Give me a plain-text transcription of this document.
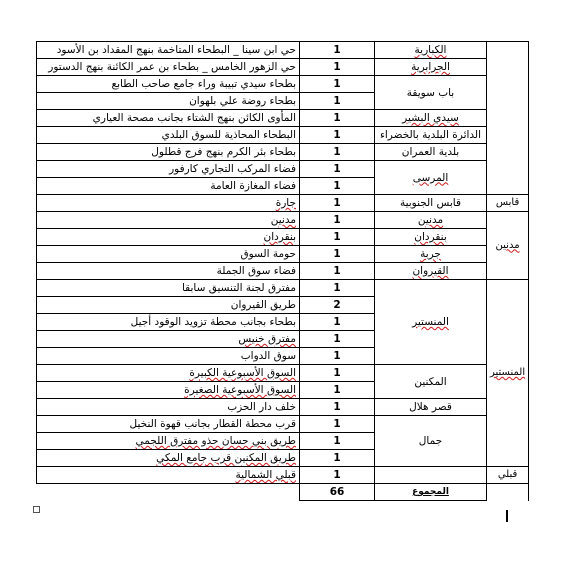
حي ابن سينا _ البطحاء المتاخمة بنهج المقداد بن الأسود	1	الكبارية		
حي الزهور الخامس _ بطحاء بن عمر الكائنة بنهج الدستور	1	الجرابرية		
بطحاء سيدي تبيبة وراء جامع صاحب الطابع	1	باب سويقة		
بطحاء روضة علي بلهوان	1			
المأوى الكائن بنهج الشتاء بجانب مصحة العياري	1	سيدي البشير		
البطحاء المحاذية للسوق البلدي	1	الدائرة البلدية بالخضراء		
بطحاء بئر الكرم بنهج فرج قطلول	1	بلدية العمران		
فضاء المركب التجاري كارفور	1	المرسى		
فضاء المغازة العامة	1			
جارة	1	قابس الجنوبية	قابس	
مدنين	1	مدنين	مدنين	
بنقردان	1	بنقردان		
حومة السوق	1	جربة		
فضاء سوق الجملة	1	القيروان		
مفترق لجنة التنسيق سابقا	1	المنستير	المنستير	
طريق القيروان	2			
بطحاء بجانب محطة تزويد الوقود أجيل	1			
مفترق خنيس	1			
سوق الدواب	1			
السوق الأسبوعية الكبيرة	1	المكنين		
السوق الأسبوعية الصغيرة	1			
خلف دار الحزب	1	قصر هلال		
قرب محطة القطار بجانب قهوة النخيل	1	جمال		
طريق بني حسان حذو مفترق اللجمي	1			
طريق المكنين قرب جامع المكي	1			
قبلي الشمالية	1		قبلي	
	66	المجموع		
